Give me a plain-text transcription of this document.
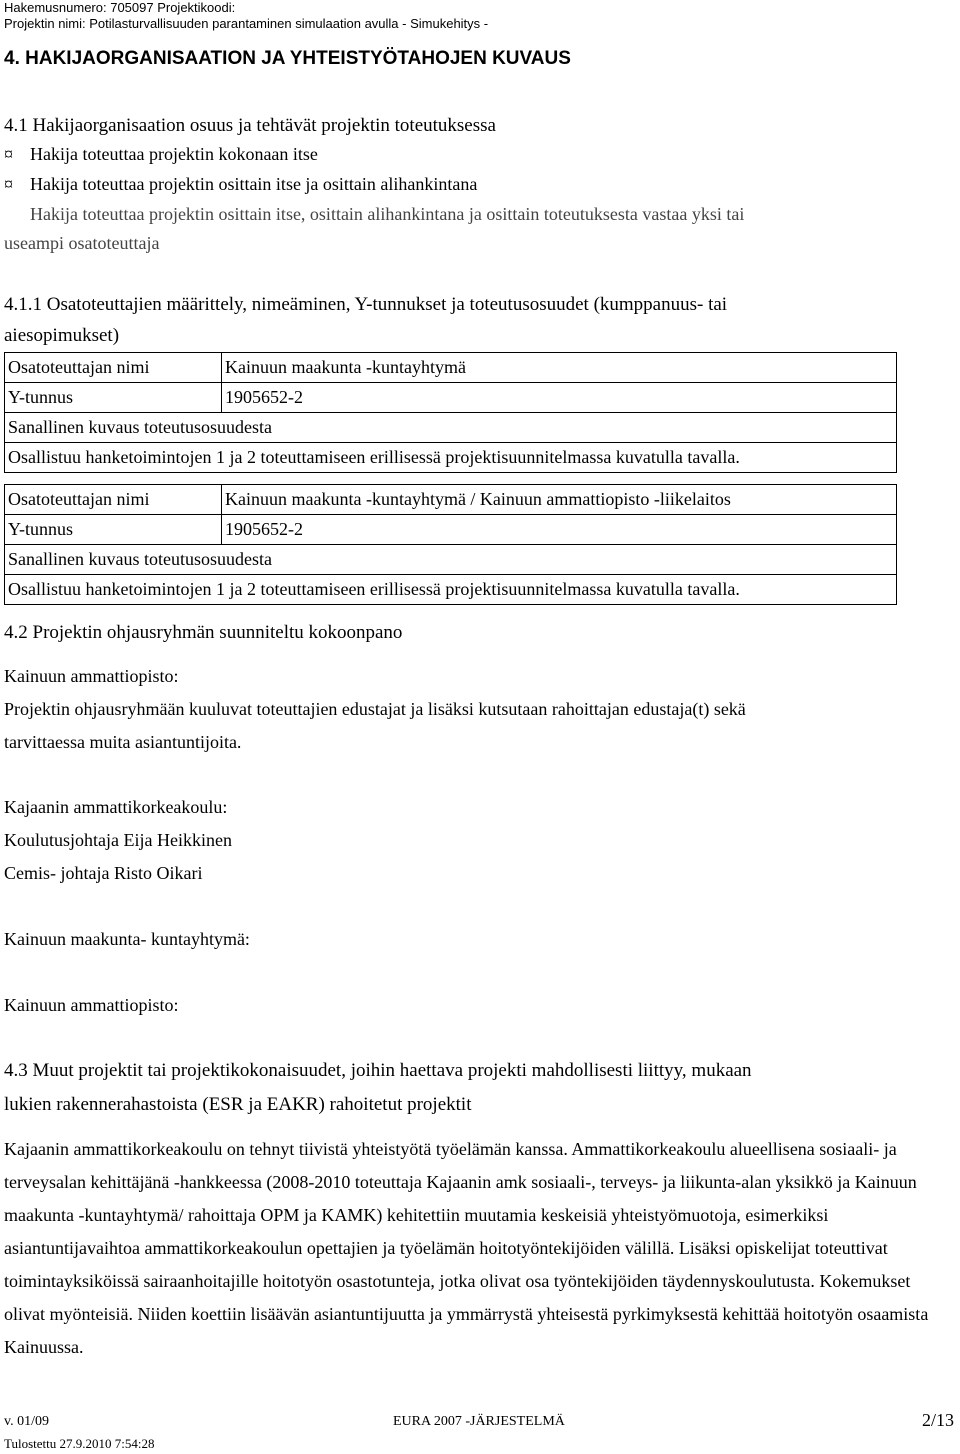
Hakemusnumero: 705097 Projektikoodi:
Projektin nimi: Potilasturvallisuuden parantaminen simulaation avulla - Simukehitys -
4. HAKIJAORGANISAATION JA YHTEISTYÖTAHOJEN KUVAUS
4.1 Hakijaorganisaation osuus ja tehtävät projektin toteutuksessa
¤ Hakija toteuttaa projektin kokonaan itse
¤ Hakija toteuttaa projektin osittain itse ja osittain alihankintana
Hakija toteuttaa projektin osittain itse, osittain alihankintana ja osittain toteutuksesta vastaa yksi tai
useampi osatoteuttaja
4.1.1 Osatoteuttajien määrittely, nimeäminen, Y-tunnukset ja toteutusosuudet (kumppanuus- tai
aiesopimukset)
Osatoteuttajan nimi	Kainuun maakunta -kuntayhtymä
Y-tunnus	1905652-2
Sanallinen kuvaus toteutusosuudesta	
Osallistuu hanketoimintojen 1 ja 2 toteuttamiseen erillisessä projektisuunnitelmassa kuvatulla tavalla.	
Osatoteuttajan nimi	Kainuun maakunta -kuntayhtymä / Kainuun ammattiopisto -liikelaitos
Y-tunnus	1905652-2
Sanallinen kuvaus toteutusosuudesta	
Osallistuu hanketoimintojen 1 ja 2 toteuttamiseen erillisessä projektisuunnitelmassa kuvatulla tavalla.	
4.2 Projektin ohjausryhmän suunniteltu kokoonpano
Kainuun ammattiopisto:
Projektin ohjausryhmään kuuluvat toteuttajien edustajat ja lisäksi kutsutaan rahoittajan edustaja(t) sekä
tarvittaessa muita asiantuntijoita.
Kajaanin ammattikorkeakoulu:
Koulutusjohtaja Eija Heikkinen
Cemis- johtaja Risto Oikari
Kainuun maakunta- kuntayhtymä:
Kainuun ammattiopisto:
4.3 Muut projektit tai projektikokonaisuudet, joihin haettava projekti mahdollisesti liittyy, mukaan
lukien rakennerahastoista (ESR ja EAKR) rahoitetut projektit
Kajaanin ammattikorkeakoulu on tehnyt tiivistä yhteistyötä työelämän kanssa. Ammattikorkeakoulu alueellisena sosiaali- ja terveysalan kehittäjänä -hankkeessa (2008-2010 toteuttaja Kajaanin amk sosiaali-, terveys- ja liikunta-alan yksikkö ja Kainuun maakunta -kuntayhtymä/ rahoittaja OPM ja KAMK) kehitettiin muutamia keskeisiä yhteistyömuotoja, esimerkiksi asiantuntijavaihtoa ammattikorkeakoulun opettajien ja työelämän hoitotyöntekijöiden välillä. Lisäksi opiskelijat toteuttivat toimintayksiköissä sairaanhoitajille hoitotyön osastotunteja, jotka olivat osa työntekijöiden täydennyskoulutusta. Kokemukset olivat myönteisiä. Niiden koettiin lisäävän asiantuntijuutta ja ymmärrystä yhteisestä pyrkimyksestä kehittää hoitotyön osaamista Kainuussa.
v. 01/09	EURA 2007 -JÄRJESTELMÄ	2/13
Tulostettu 27.9.2010 7:54:28
